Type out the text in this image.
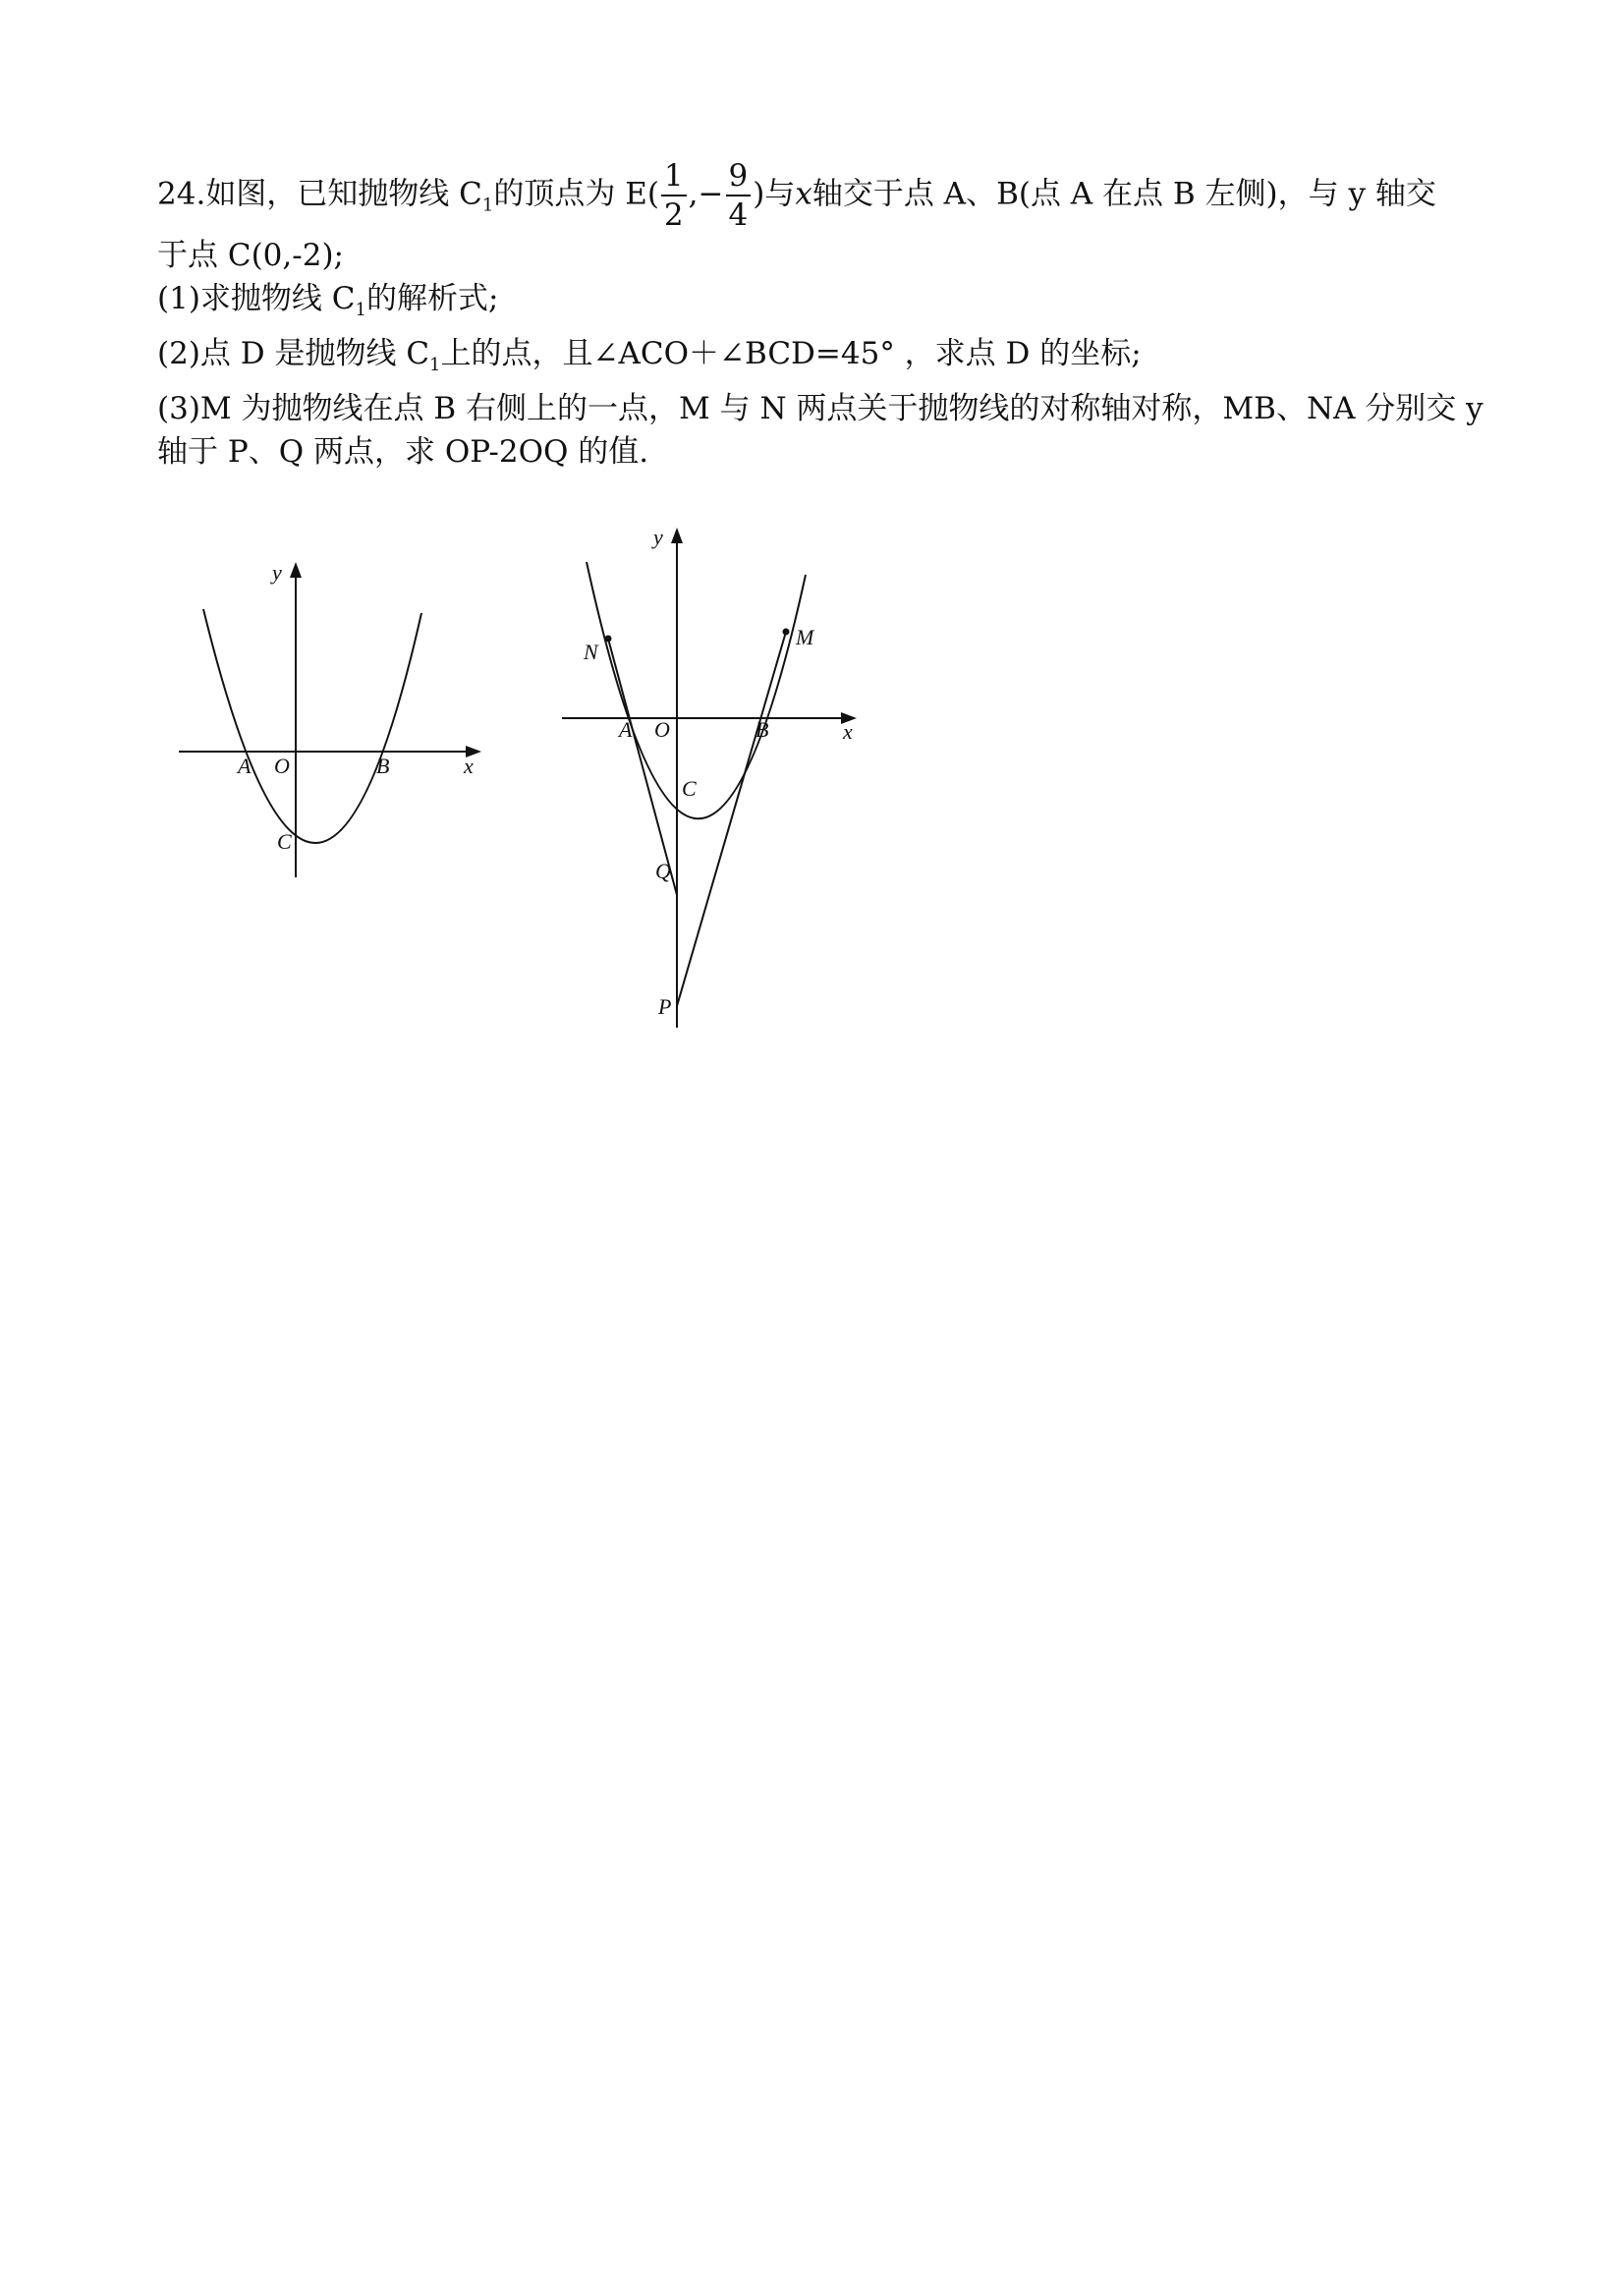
24.如图，已知抛物线 $C_1$的顶点为 $E( \frac{1}{2}$ ,− $\frac{9}{4}$ )与x轴交于点 A、B(点 A 在点 B 左侧)，与 y 轴交

于点 C(0,-2);

(1)求抛物线 $C_1$的解析式;

(2)点 D 是抛物线 $C_1$上的点，且∠ACO＋∠BCD=45° ，求点 D 的坐标;

(3)M 为抛物线在点 B 右侧上的一点，M 与 N 两点关于抛物线的对称轴对称，MB、NA 分别交 y

轴于 P、Q 两点，求 OP-2OQ 的值.

y
x
A O	B
C
y
x
A O	B
C
N
M
Q
P
